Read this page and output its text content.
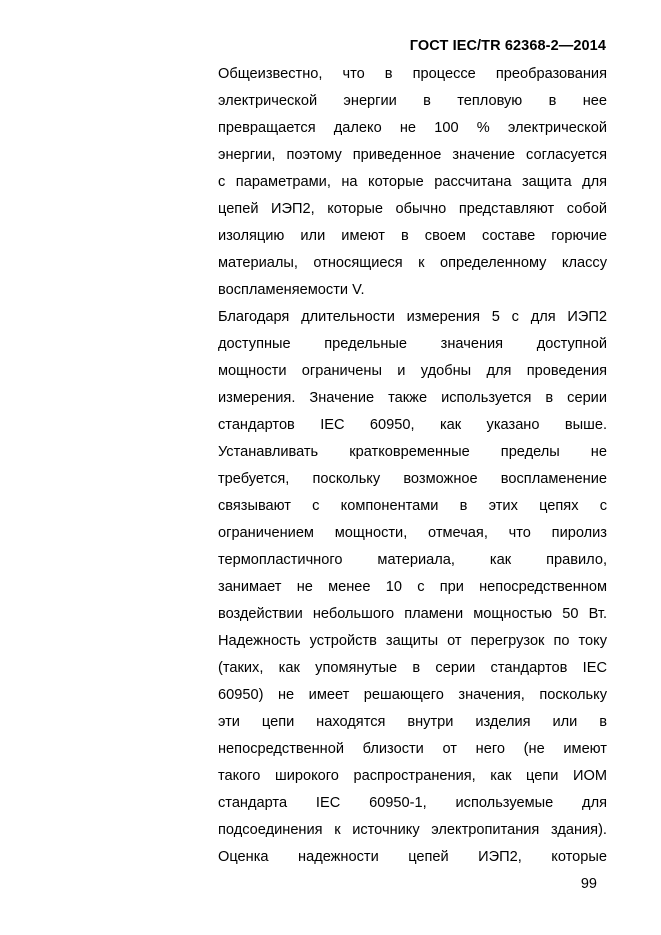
ГОСТ IEC/TR 62368-2—2014
Общеизвестно, что в процессе преобразования
электрической энергии в тепловую в нее
превращается далеко не 100 % электрической
энергии, поэтому приведенное значение согласуется
с параметрами, на которые рассчитана защита для
цепей ИЭП2, которые обычно представляют собой
изоляцию или имеют в своем составе горючие
материалы, относящиеся к определенному классу
воспламеняемости V.
Благодаря длительности измерения 5 с для ИЭП2
доступные предельные значения доступной
мощности ограничены и удобны для проведения
измерения. Значение также используется в серии
стандартов IEC 60950, как указано выше.
Устанавливать кратковременные пределы не
требуется, поскольку возможное воспламенение
связывают с компонентами в этих цепях с
ограничением мощности, отмечая, что пиролиз
термопластичного материала, как правило,
занимает не менее 10 с при непосредственном
воздействии небольшого пламени мощностью 50 Вт.
Надежность устройств защиты от перегрузок по току
(таких, как упомянутые в серии стандартов IEC
60950) не имеет решающего значения, поскольку
эти цепи находятся внутри изделия или в
непосредственной близости от него (не имеют
такого широкого распространения, как цепи ИОМ
стандарта IEC 60950-1, используемые для
подсоединения к источнику электропитания здания).
Оценка надежности цепей ИЭП2, которые
99
